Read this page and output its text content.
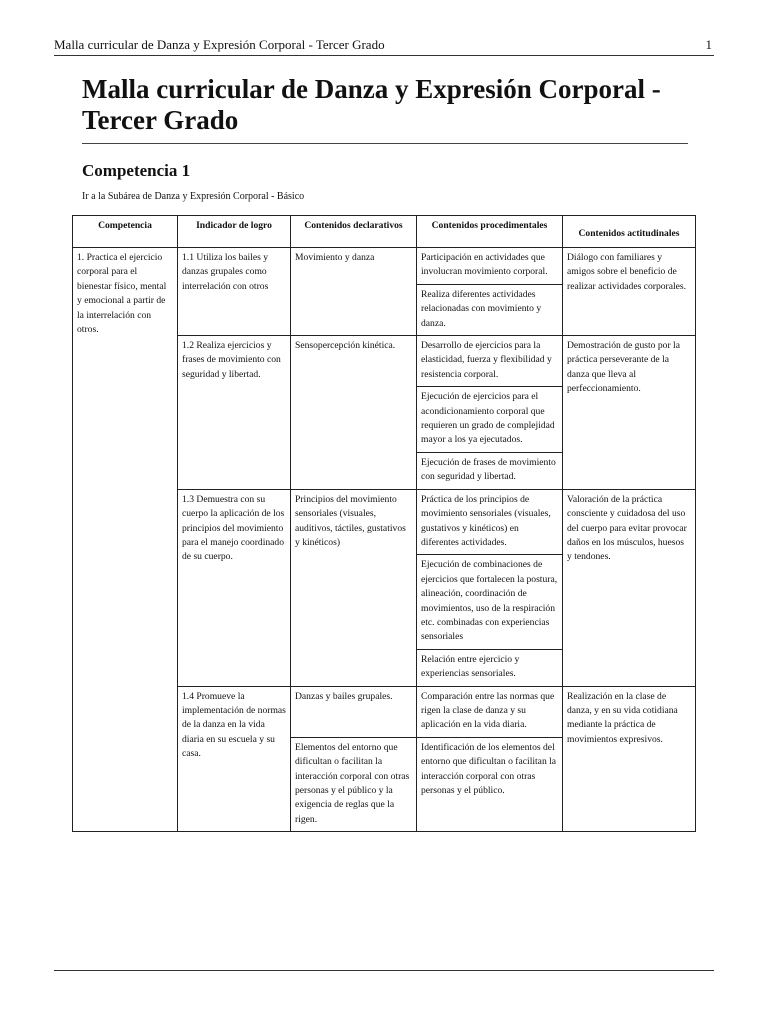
Malla curricular de Danza y Expresión Corporal - Tercer Grado	1
Malla curricular de Danza y Expresión Corporal - Tercer Grado
Competencia 1
Ir a la Subárea de Danza y Expresión Corporal - Básico
Competencia	Indicador de logro	Contenidos declarativos	Contenidos procedimentales	Contenidos actitudinales
1. Practica el ejercicio corporal para el bienestar físico, mental y emocional a partir de la interrelación con otros.	1.1 Utiliza los bailes y danzas grupales como interrelación con otros	Movimiento y danza	Participación en actividades que involucran movimiento corporal.	Diálogo con familiares y amigos sobre el beneficio de realizar actividades corporales.
			Realiza diferentes actividades relacionadas con movimiento y danza.	
	1.2 Realiza ejercicios y frases de movimiento con seguridad y libertad.	Sensopercepción kinética.	Desarrollo de ejercicios para la elasticidad, fuerza y flexibilidad y resistencia corporal.	Demostración de gusto por la práctica perseverante de la danza que lleva al perfeccionamiento.
			Ejecución de ejercicios para el acondicionamiento corporal que requieren un grado de complejidad mayor a los ya ejecutados.	
			Ejecución de frases de movimiento con seguridad y libertad.	
	1.3 Demuestra con su cuerpo la aplicación de los principios del movimiento para el manejo coordinado de su cuerpo.	Principios del movimiento sensoriales (visuales, auditivos, táctiles, gustativos y kinéticos)	Práctica de los principios de movimiento sensoriales (visuales, gustativos y kinéticos) en diferentes actividades.	Valoración de la práctica consciente y cuidadosa del uso del cuerpo para evitar provocar daños en los músculos, huesos y tendones.
			Ejecución de combinaciones de ejercicios que fortalecen la postura, alineación, coordinación de movimientos, uso de la respiración etc. combinadas con experiencias sensoriales	
			Relación entre ejercicio y experiencias sensoriales.	
	1.4 Promueve la implementación de normas de la danza en la vida diaria en su escuela y su casa.	Danzas y bailes grupales.	Comparación entre las normas que rigen la clase de danza y su aplicación en la vida diaria.	Realización en la clase de danza, y en su vida cotidiana mediante la práctica de movimientos expresivos.

		Elementos del entorno que dificultan o facilitan la interacción corporal con otras personas y el público y la exigencia de reglas que la rigen.	Identificación de los elementos del entorno que dificultan o facilitan la interacción corporal con otras personas y el público.	
